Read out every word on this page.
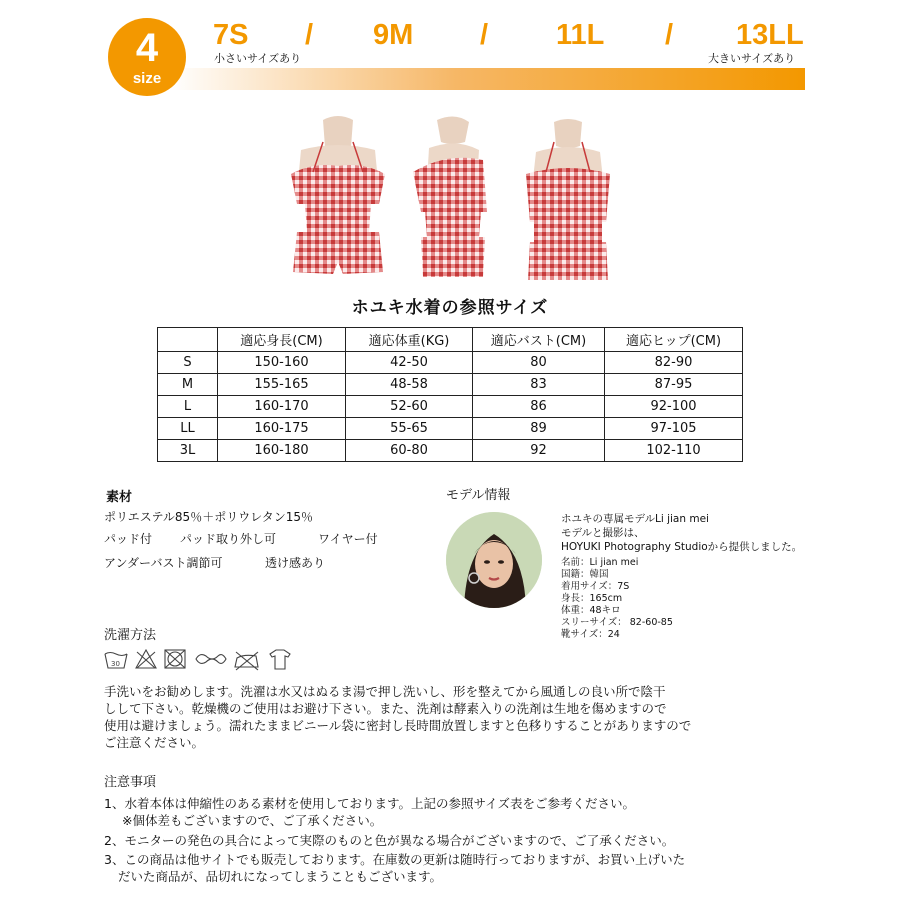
4
size
7S / 9M / 11L / 13LL
小さいサイズあり	大きいサイズあり
ホユキ水着の参照サイズ
	適応身長(CM)	適応体重(KG)	適応バスト(CM)	適応ヒップ(CM)
S	150-160	42-50	80	82-90
M	155-165	48-58	83	87-95
L	160-170	52-60	86	92-100
LL	160-175	55-65	89	97-105
3L	160-180	60-80	92	102-110
素材
ポリエステル85％＋ポリウレタン15％
パッド付 パッド取り外し可	ワイヤー付
アンダーバスト調節可	透け感あり
モデル情報
ホユキの専属モデルLi jian mei
モデルと撮影は、
HOYUKI Photography Studioから提供しました。
名前：Li jian mei
国籍：韓国
着用サイズ：7S
身長：165cm
体重：48キロ
スリーサイズ： 82-60-85
靴サイズ：24
洗濯方法
30
手洗いをお勧めします。洗濯は水又はぬるま湯で押し洗いし、形を整えてから風通しの良い所で陰干
しして下さい。乾燥機のご使用はお避け下さい。また、洗剤は酵素入りの洗剤は生地を傷めますので
使用は避けましょう。濡れたままビニール袋に密封し長時間放置しますと色移りすることがありますので
ご注意ください。
注意事項
1、水着本体は伸縮性のある素材を使用しております。上記の参照サイズ表をご参考ください。
※個体差もございますので、ご了承ください。
2、モニターの発色の具合によって実際のものと色が異なる場合がございますので、ご了承ください。
3、この商品は他サイトでも販売しております。在庫数の更新は随時行っておりますが、お買い上げいた
だいた商品が、品切れになってしまうこともございます。
